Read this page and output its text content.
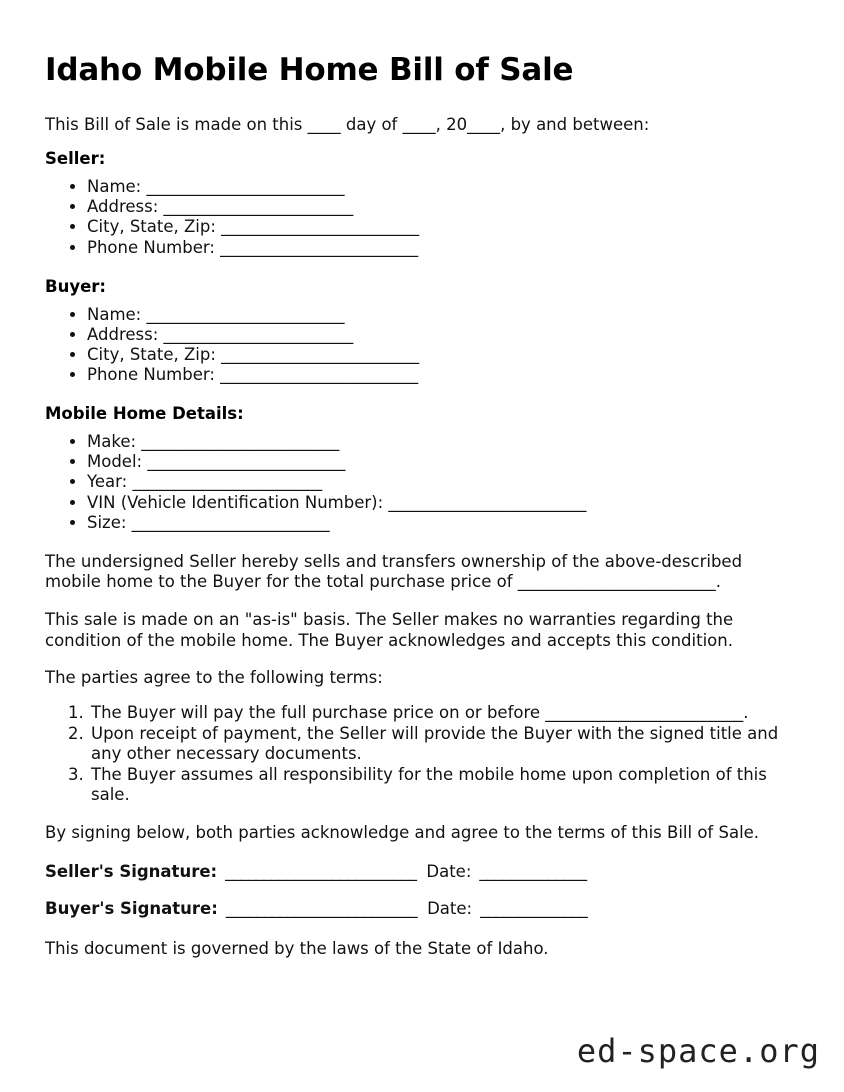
Idaho Mobile Home Bill of Sale

This Bill of Sale is made on this ____ day of ____, 20____, by and between:

Seller:
• Name: ________________________
• Address: _______________________
• City, State, Zip: ________________________
• Phone Number: ________________________
Buyer:
• Name: ________________________
• Address: _______________________
• City, State, Zip: ________________________
• Phone Number: ________________________
Mobile Home Details:
• Make: ________________________
• Model: ________________________
• Year: _______________________
• VIN (Vehicle Identification Number): ________________________
• Size: ________________________

The undersigned Seller hereby sells and transfers ownership of the above-described mobile home to the Buyer for the total purchase price of ________________________.

This sale is made on an "as-is" basis. The Seller makes no warranties regarding the condition of the mobile home. The Buyer acknowledges and accepts this condition.

The parties agree to the following terms:

1. The Buyer will pay the full purchase price on or before ________________________.
2. Upon receipt of payment, the Seller will provide the Buyer with the signed title and any other necessary documents.
3. The Buyer assumes all responsibility for the mobile home upon completion of this sale.

By signing below, both parties acknowledge and agree to the terms of this Bill of Sale.

Seller's Signature: _________________________ Date: ______________
Buyer's Signature: _________________________ Date: ______________

This document is governed by the laws of the State of Idaho.

ed-space.org
